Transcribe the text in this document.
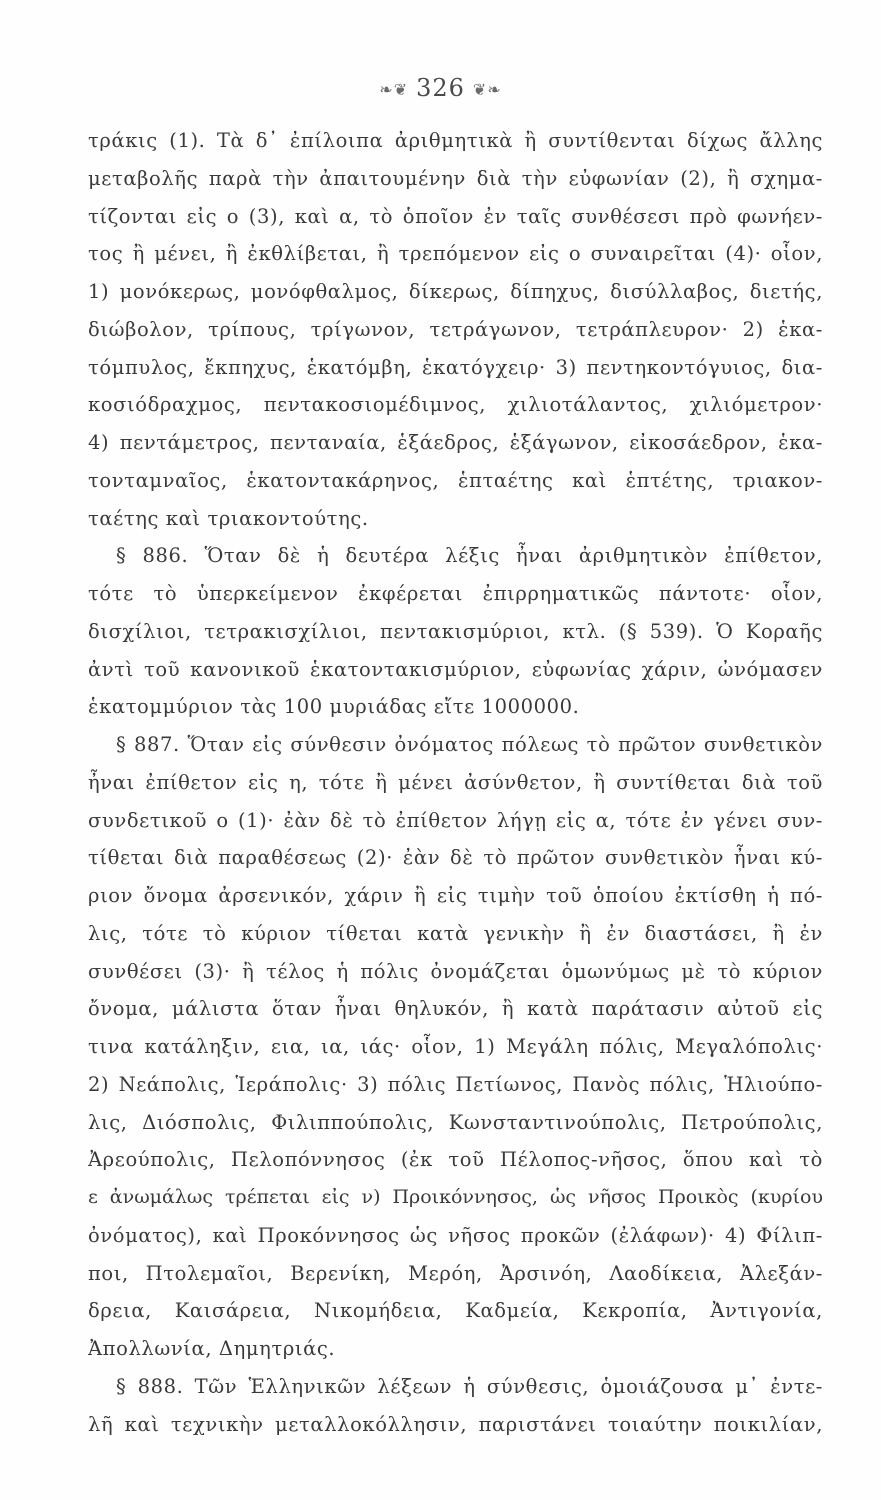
❧❦ 326 ❦❧
τράκις (1). Τὰ δ᾽ ἐπίλοιπα ἀριθμητικὰ ἢ συντίθενται δίχως ἄλλης
μεταβολῆς παρὰ τὴν ἀπαιτουμένην διὰ τὴν εὐφωνίαν (2), ἢ σχημα-
τίζονται εἰς ο (3), καὶ α, τὸ ὁποῖον ἐν ταῖς συνθέσεσι πρὸ φωνήεν-
τος ἢ μένει, ἢ ἐκθλίβεται, ἢ τρεπόμενον εἰς ο συναιρεῖται (4)· οἷον,
1) μονόκερως, μονόφθαλμος, δίκερως, δίπηχυς, δισύλλαβος, διετής,
διώβολον, τρίπους, τρίγωνον, τετράγωνον, τετράπλευρον· 2) ἑκα-
τόμπυλος, ἔκπηχυς, ἑκατόμβη, ἑκατόγχειρ· 3) πεντηκοντόγυιος, δια-
κοσιόδραχμος, πεντακοσιομέδιμνος, χιλιοτάλαντος, χιλιόμετρον·
4) πεντάμετρος, πενταναία, ἑξάεδρος, ἑξάγωνον, εἰκοσάεδρον, ἑκα-
τονταμναῖος, ἑκατοντακάρηνος, ἑπταέτης καὶ ἑπτέτης, τριακον-
ταέτης καὶ τριακοντούτης.
§ 886. Ὅταν δὲ ἡ δευτέρα λέξις ἦναι ἀριθμητικὸν ἐπίθετον,
τότε τὸ ὑπερκείμενον ἐκφέρεται ἐπιρρηματικῶς πάντοτε· οἷον,
δισχίλιοι, τετρακισχίλιοι, πεντακισμύριοι, κτλ. (§ 539). Ὁ Κοραῆς
ἀντὶ τοῦ κανονικοῦ ἑκατοντακισμύριον, εὐφωνίας χάριν, ὠνόμασεν
ἑκατομμύριον τὰς 100 μυριάδας εἴτε 1000000.
§ 887. Ὅταν εἰς σύνθεσιν ὀνόματος πόλεως τὸ πρῶτον συνθετικὸν
ἦναι ἐπίθετον εἰς η, τότε ἢ μένει ἀσύνθετον, ἢ συντίθεται διὰ τοῦ
συνδετικοῦ ο (1)· ἐὰν δὲ τὸ ἐπίθετον λήγῃ εἰς α, τότε ἐν γένει συν-
τίθεται διὰ παραθέσεως (2)· ἐὰν δὲ τὸ πρῶτον συνθετικὸν ἦναι κύ-
ριον ὄνομα ἀρσενικόν, χάριν ἢ εἰς τιμὴν τοῦ ὁποίου ἐκτίσθη ἡ πό-
λις, τότε τὸ κύριον τίθεται κατὰ γενικὴν ἢ ἐν διαστάσει, ἢ ἐν
συνθέσει (3)· ἢ τέλος ἡ πόλις ὀνομάζεται ὁμωνύμως μὲ τὸ κύριον
ὄνομα, μάλιστα ὅταν ἦναι θηλυκόν, ἢ κατὰ παράτασιν αὐτοῦ εἰς
τινα κατάληξιν, εια, ια, ιάς· οἷον, 1) Μεγάλη πόλις, Μεγαλόπολις·
2) Νεάπολις, Ἱεράπολις· 3) πόλις Πετίωνος, Πανὸς πόλις, Ἡλιούπο-
λις, Διόσπολις, Φιλιππούπολις, Κωνσταντινούπολις, Πετρούπολις,
Ἀρεούπολις, Πελοπόννησος (ἐκ τοῦ Πέλοπος-νῆσος, ὅπου καὶ τὸ
ε ἀνωμάλως τρέπεται εἰς ν) Προικόννησος, ὡς νῆσος Προικὸς (κυρίου
ὀνόματος), καὶ Προκόννησος ὡς νῆσος προκῶν (ἐλάφων)· 4) Φίλιπ-
ποι, Πτολεμαῖοι, Βερενίκη, Μερόη, Ἀρσινόη, Λαοδίκεια, Ἀλεξάν-
δρεια, Καισάρεια, Νικομήδεια, Καδμεία, Κεκροπία, Ἀντιγονία,
Ἀπολλωνία, Δημητριάς.
§ 888. Τῶν Ἑλληνικῶν λέξεων ἡ σύνθεσις, ὁμοιάζουσα μ᾽ ἐντε-
λῆ καὶ τεχνικὴν μεταλλοκόλλησιν, παριστάνει τοιαύτην ποικιλίαν,
